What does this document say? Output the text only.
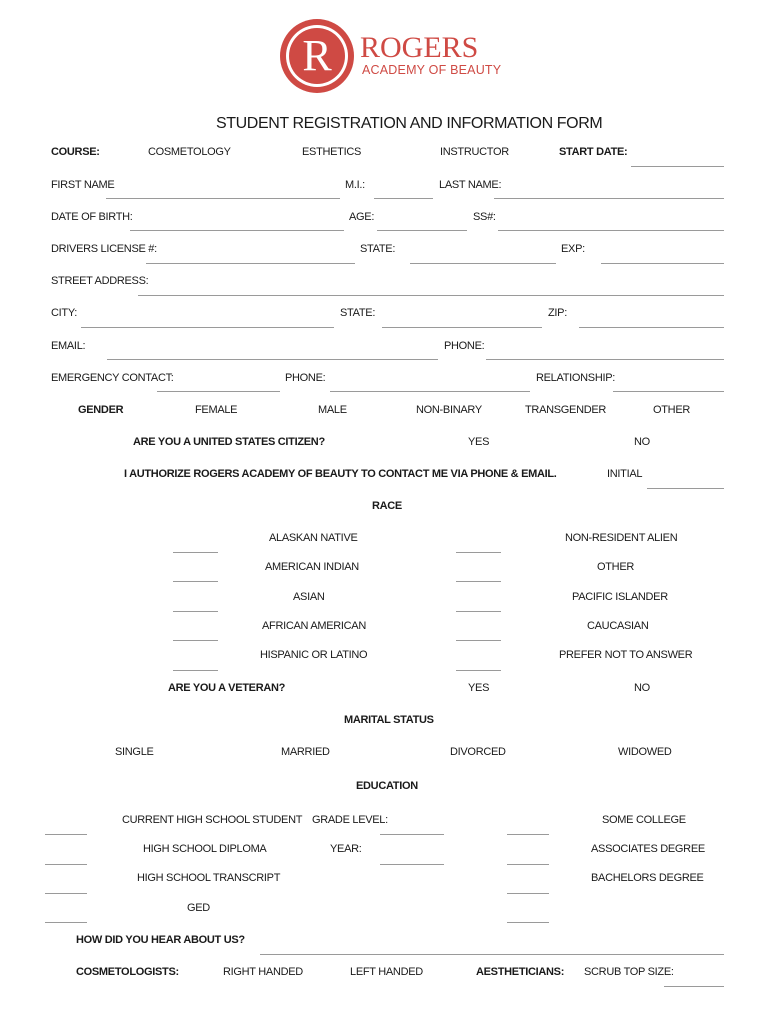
R ROGERS
ACADEMY OF BEAUTY
STUDENT REGISTRATION AND INFORMATION FORM
COURSE:	COSMETOLOGY	ESTHETICS	INSTRUCTOR	START DATE:
FIRST NAME	M.I.:	LAST NAME:
DATE OF BIRTH:	AGE:	SS#:
DRIVERS LICENSE #:	STATE:	EXP:
STREET ADDRESS:
CITY:	STATE:	ZIP:
EMAIL:	PHONE:
EMERGENCY CONTACT:	PHONE:	RELATIONSHIP:
GENDER	FEMALE	MALE	NON-BINARY	TRANSGENDER	OTHER
ARE YOU A UNITED STATES CITIZEN?	YES	NO
I AUTHORIZE ROGERS ACADEMY OF BEAUTY TO CONTACT ME VIA PHONE & EMAIL.	INITIAL
RACE
ALASKAN NATIVE	NON-RESIDENT ALIEN
AMERICAN INDIAN	OTHER
ASIAN	PACIFIC ISLANDER
AFRICAN AMERICAN	CAUCASIAN
HISPANIC OR LATINO	PREFER NOT TO ANSWER
ARE YOU A VETERAN?	YES	NO
MARITAL STATUS
SINGLE	MARRIED	DIVORCED	WIDOWED
EDUCATION
CURRENT HIGH SCHOOL STUDENT GRADE LEVEL:	SOME COLLEGE
HIGH SCHOOL DIPLOMA	YEAR:	ASSOCIATES DEGREE
HIGH SCHOOL TRANSCRIPT	BACHELORS DEGREE
GED
HOW DID YOU HEAR ABOUT US?
COSMETOLOGISTS:	RIGHT HANDED	LEFT HANDED	AESTHETICIANS: SCRUB TOP SIZE:
